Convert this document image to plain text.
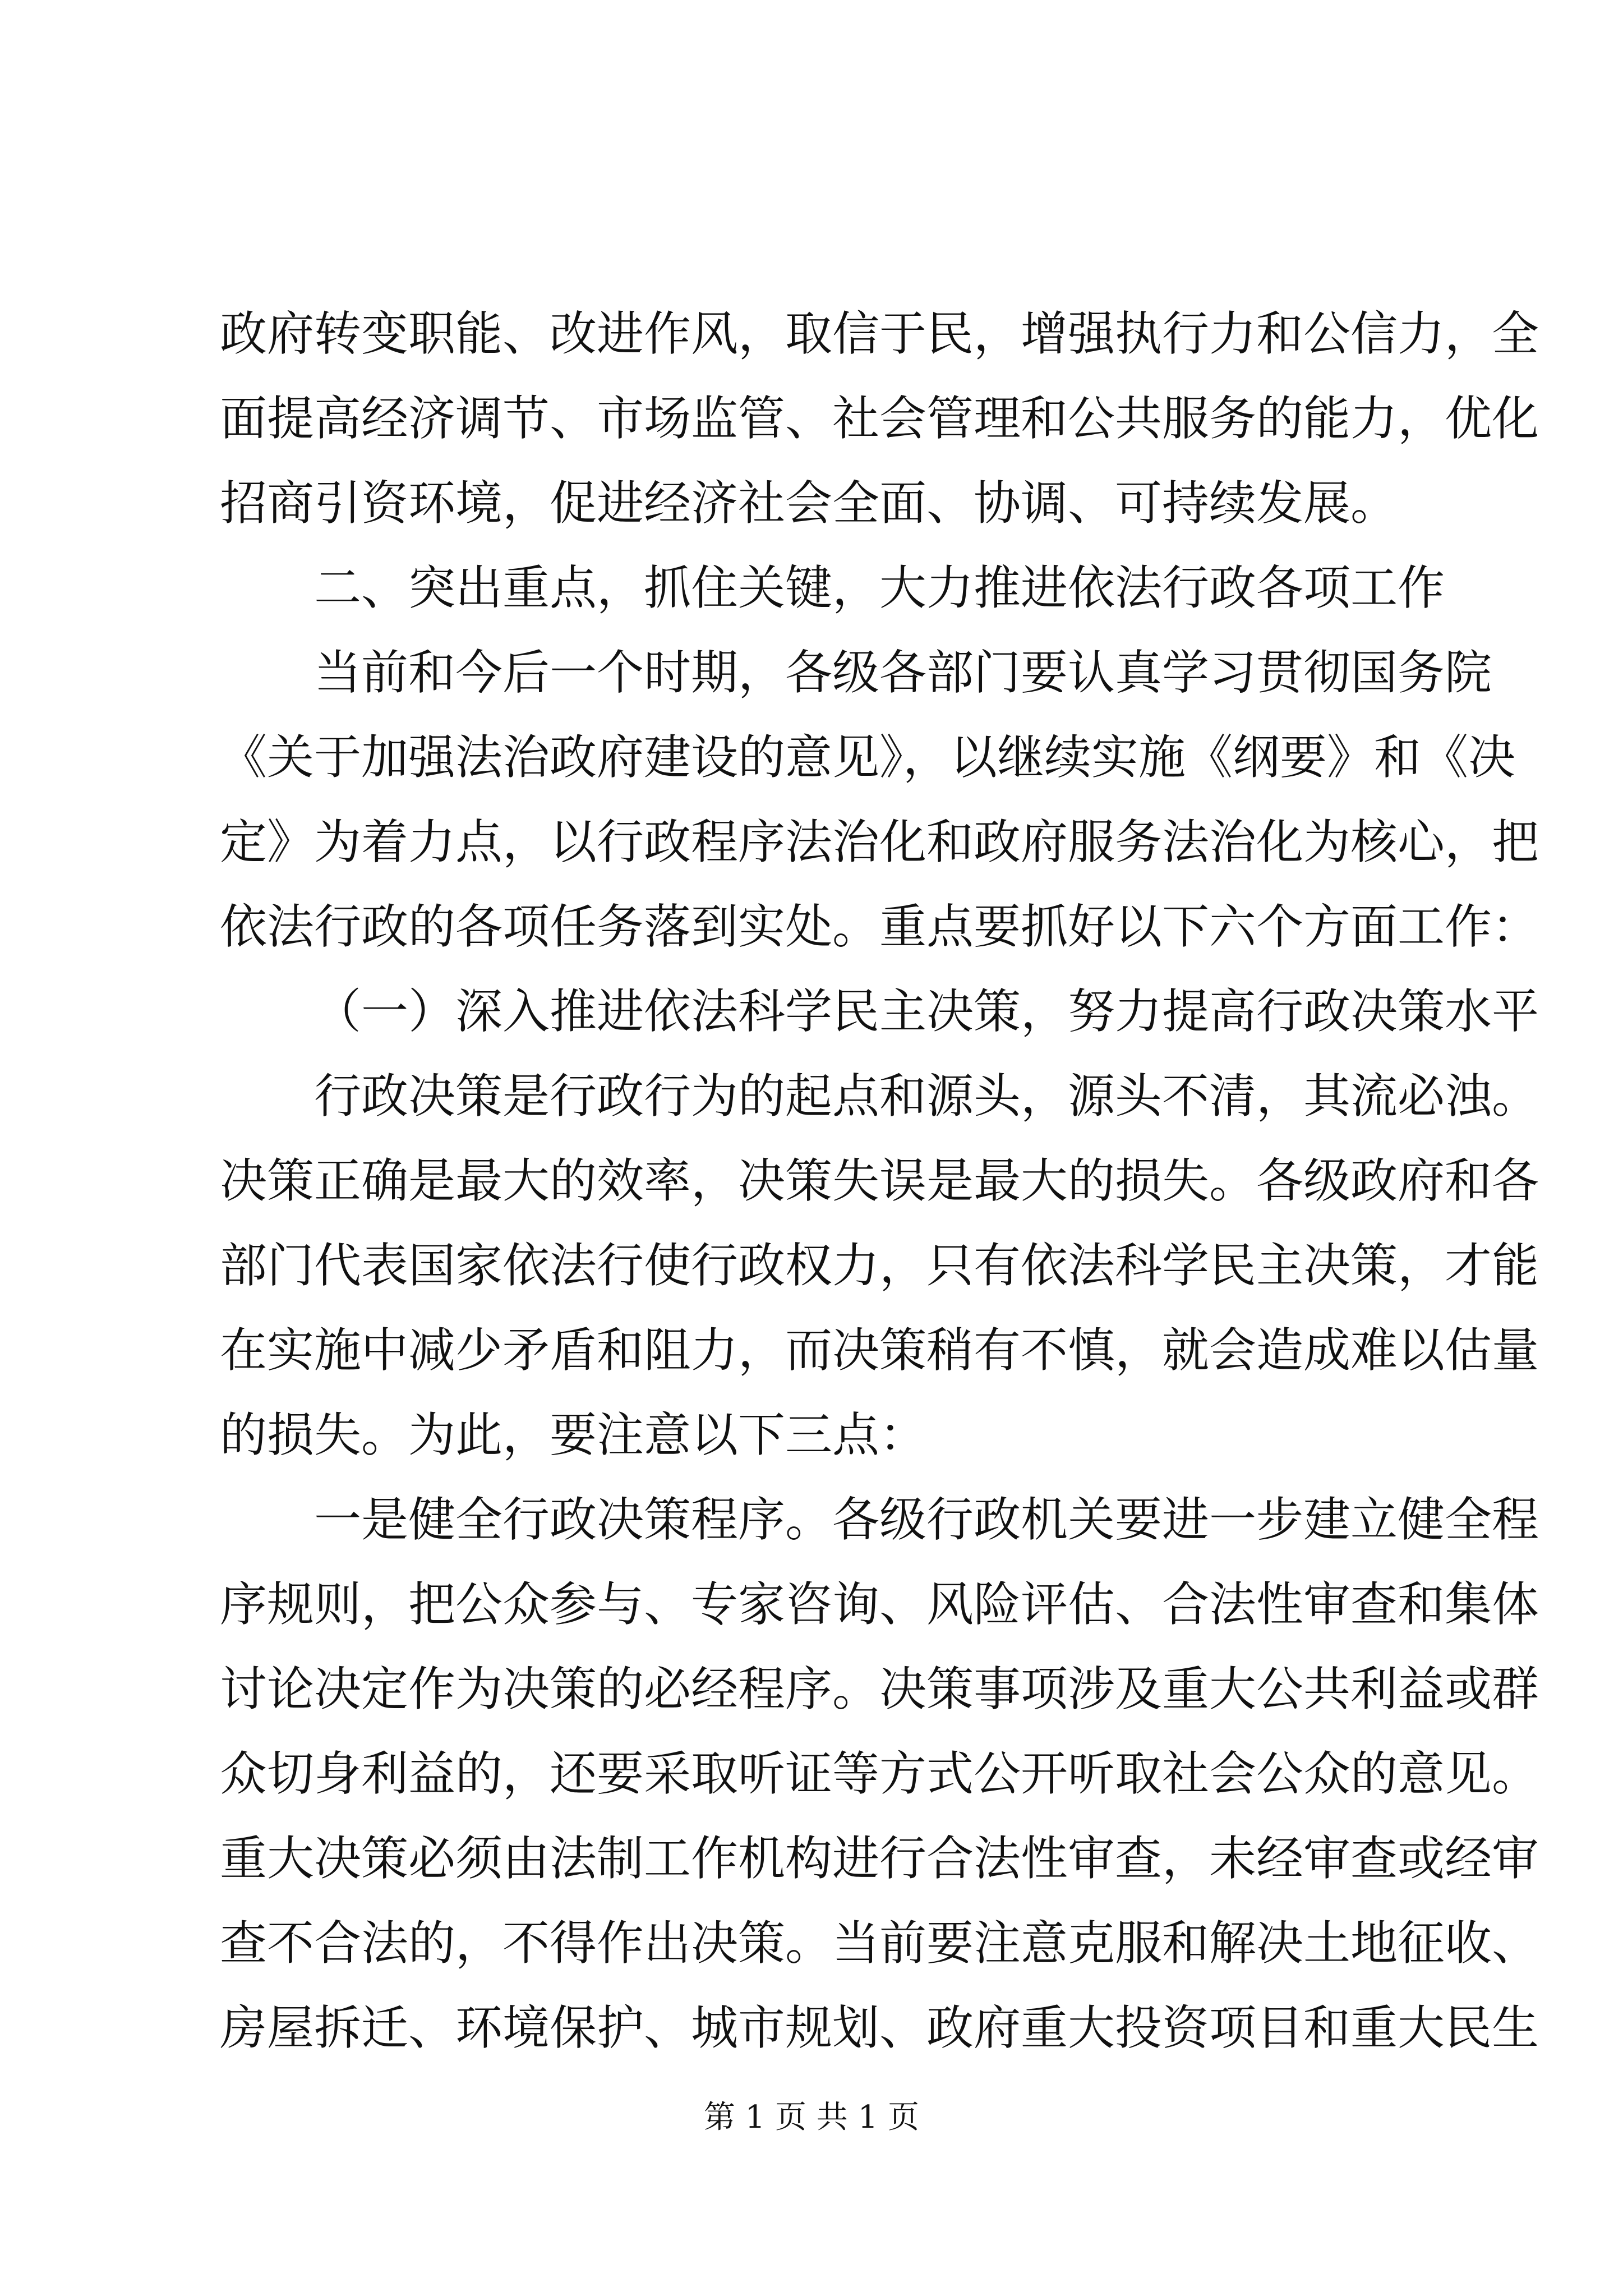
政府转变职能、改进作风，取信于民，增强执行力和公信力，全
面提高经济调节、市场监管、社会管理和公共服务的能力，优化
招商引资环境，促进经济社会全面、协调、可持续发展。
二、突出重点，抓住关键，大力推进依法行政各项工作
当前和今后一个时期，各级各部门要认真学习贯彻国务院
《关于加强法治政府建设的意见》，以继续实施《纲要》和《决
定》为着力点，以行政程序法治化和政府服务法治化为核心，把
依法行政的各项任务落到实处。重点要抓好以下六个方面工作：
（一）深入推进依法科学民主决策，努力提高行政决策水平
行政决策是行政行为的起点和源头，源头不清，其流必浊。
决策正确是最大的效率，决策失误是最大的损失。各级政府和各
部门代表国家依法行使行政权力，只有依法科学民主决策，才能
在实施中减少矛盾和阻力，而决策稍有不慎，就会造成难以估量
的损失。为此，要注意以下三点：
一是健全行政决策程序。各级行政机关要进一步建立健全程
序规则，把公众参与、专家咨询、风险评估、合法性审查和集体
讨论决定作为决策的必经程序。决策事项涉及重大公共利益或群
众切身利益的，还要采取听证等方式公开听取社会公众的意见。
重大决策必须由法制工作机构进行合法性审查，未经审查或经审
查不合法的，不得作出决策。当前要注意克服和解决土地征收、
房屋拆迁、环境保护、城市规划、政府重大投资项目和重大民生
第 1 页 共 1 页
